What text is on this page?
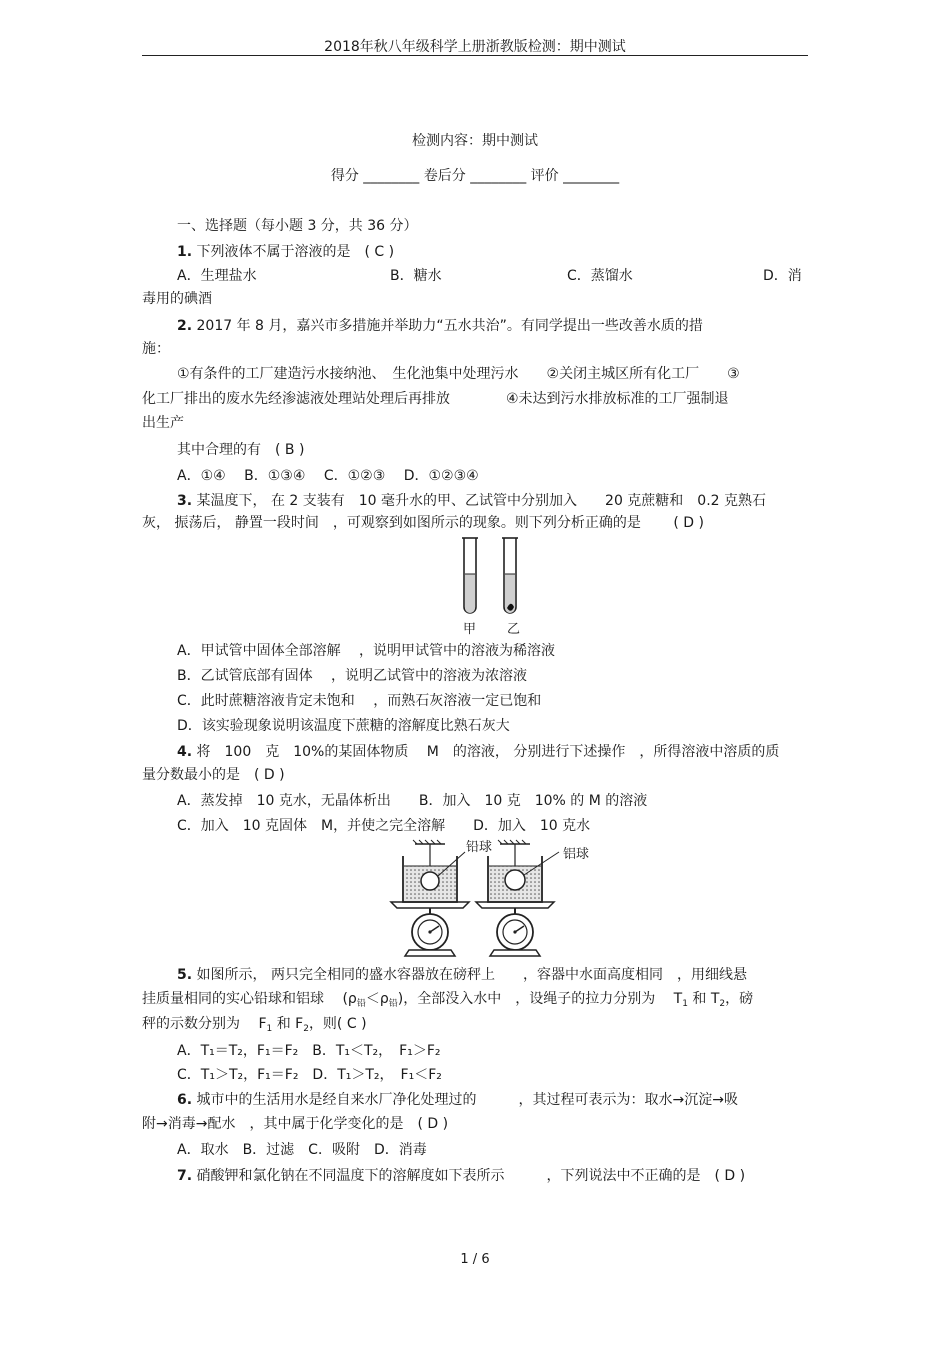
2018年秋八年级科学上册浙教版检测：期中测试
检测内容：期中测试
得分 ________ 卷后分 ________ 评价 ________
一、选择题（每小题 3 分，共 36 分）
1. 下列液体不属于溶液的是　( C )
A．生理盐水	B．糖水	C．蒸馏水	D．消
毒用的碘酒
2. 2017 年 8 月，嘉兴市多措施并举助力“五水共治”。有同学提出一些改善水质的措
施：
①有条件的工厂建造污水接纳池、　生化池集中处理污水　　②关闭主城区所有化工厂　　③
化工厂排出的废水先经渗滤液处理站处理后再排放　　　　④未达到污水排放标准的工厂强制退
出生产
其中合理的有　( B )
A．①④　 B．①③④　 C．①②③　 D．①②③④
3. 某温度下， 在 2 支装有　10 毫升水的甲、乙试管中分别加入　　20 克蔗糖和　0.2 克熟石
灰， 振荡后， 静置一段时间　，可观察到如图所示的现象。则下列分析正确的是　　 ( D )
甲 乙
A．甲试管中固体全部溶解　 ，说明甲试管中的溶液为稀溶液
B．乙试管底部有固体　 ，说明乙试管中的溶液为浓溶液
C．此时蔗糖溶液肯定未饱和　 ，而熟石灰溶液一定已饱和
D．该实验现象说明该温度下蔗糖的溶解度比熟石灰大
4. 将　100　克　10%的某固体物质　 M　的溶液， 分别进行下述操作　，所得溶液中溶质的质
量分数最小的是　( D )
A．蒸发掉　10 克水，无晶体析出　　B．加入　10 克　10% 的 M 的溶液
C．加入　10 克固体　M，并使之完全溶解　　D．加入　10 克水
铅球	铝球
5. 如图所示， 两只完全相同的盛水容器放在磅秤上　　，容器中水面高度相同　，用细线悬
挂质量相同的实心铅球和铝球　 $(\rho_铅<\rho_铅)$，全部没入水中　，设绳子的拉力分别为　 $T_1$ 和 $T_2$，磅
秤的示数分别为　 $F_1$ 和 $F_2$，则( C )
A．T₁＝T₂，F₁＝F₂　B．T₁＜T₂，　F₁＞F₂
C．T₁＞T₂，F₁＝F₂　D．T₁＞T₂，　F₁＜F₂
6. 城市中的生活用水是经自来水厂净化处理过的　　　，其过程可表示为：取水→沉淀→吸
附→消毒→配水　，其中属于化学变化的是　( D )
A．取水　B．过滤　C．吸附　D．消毒
7. 硝酸钾和氯化钠在不同温度下的溶解度如下表所示　　　，下列说法中不正确的是　( D )
1 / 6
